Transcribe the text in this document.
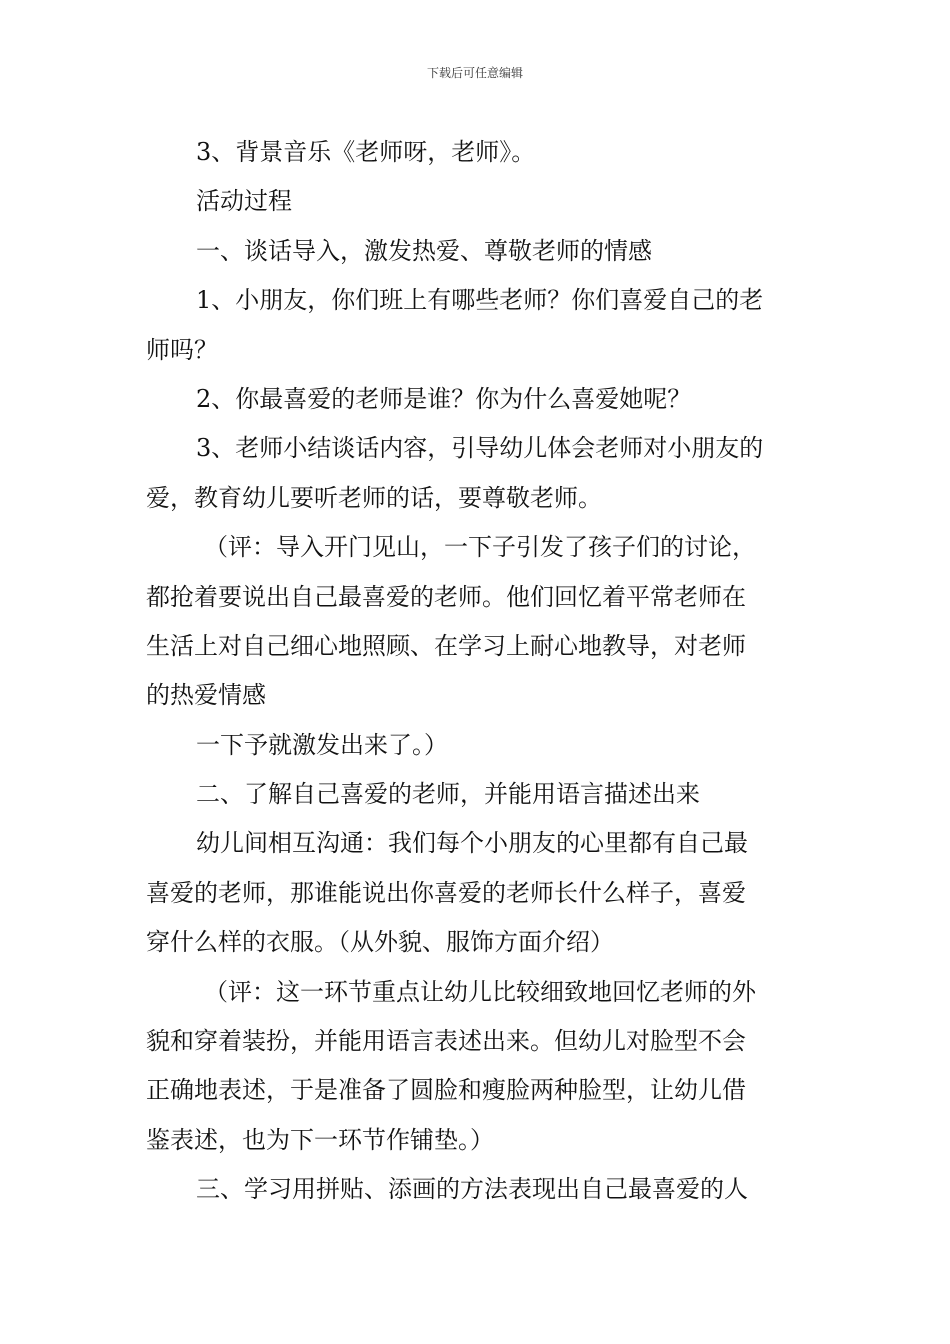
下载后可任意编辑
3、背景音乐《老师呀，老师》。
活动过程
一、谈话导入，激发热爱、尊敬老师的情感
1、小朋友，你们班上有哪些老师？你们喜爱自己的老
师吗？
2、你最喜爱的老师是谁？你为什么喜爱她呢？
3、老师小结谈话内容，引导幼儿体会老师对小朋友的
爱，教育幼儿要听老师的话，要尊敬老师。
（评：导入开门见山，一下子引发了孩子们的讨论，
都抢着要说出自己最喜爱的老师。他们回忆着平常老师在
生活上对自己细心地照顾、在学习上耐心地教导，对老师
的热爱情感
一下予就激发出来了。）
二、了解自己喜爱的老师，并能用语言描述出来
幼儿间相互沟通：我们每个小朋友的心里都有自己最
喜爱的老师，那谁能说出你喜爱的老师长什么样子，喜爱
穿什么样的衣服。（从外貌、服饰方面介绍）
（评：这一环节重点让幼儿比较细致地回忆老师的外
貌和穿着装扮，并能用语言表述出来。但幼儿对脸型不会
正确地表述，于是准备了圆脸和瘦脸两种脸型，让幼儿借
鉴表述，也为下一环节作铺垫。）
三、学习用拼贴、添画的方法表现出自己最喜爱的人
